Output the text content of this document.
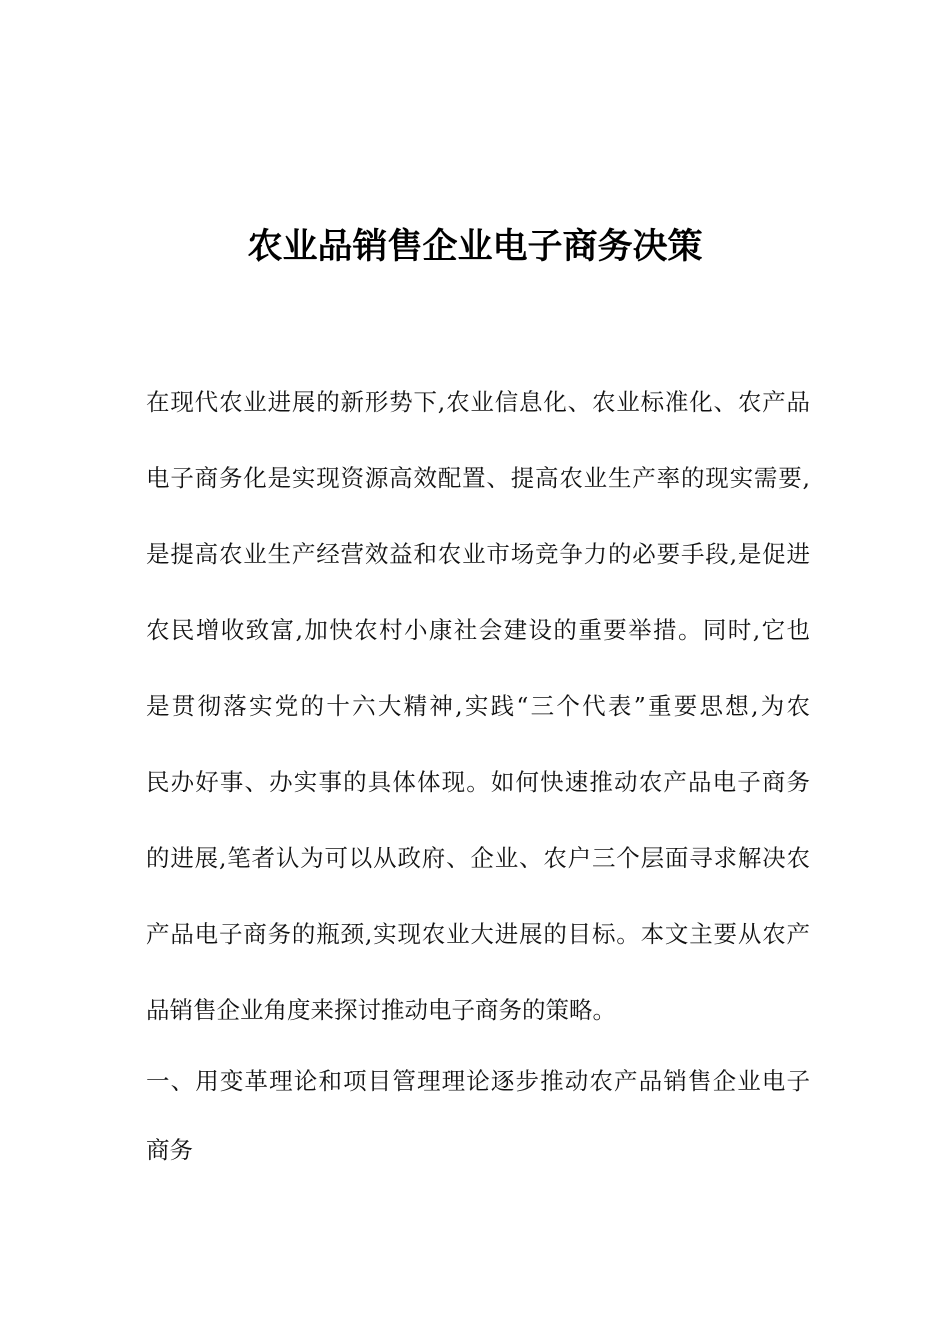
农业品销售企业电子商务决策
在现代农业进展的新形势下,农业信息化、农业标准化、农产品
电子商务化是实现资源高效配置、提高农业生产率的现实需要,
是提高农业生产经营效益和农业市场竞争力的必要手段,是促进
农民增收致富,加快农村小康社会建设的重要举措。同时,它也
是贯彻落实党的十六大精神,实践“三个代表”重要思想,为农
民办好事、办实事的具体体现。如何快速推动农产品电子商务
的进展,笔者认为可以从政府、企业、农户三个层面寻求解决农
产品电子商务的瓶颈,实现农业大进展的目标。本文主要从农产
品销售企业角度来探讨推动电子商务的策略。
一、用变革理论和项目管理理论逐步推动农产品销售企业电子
商务
